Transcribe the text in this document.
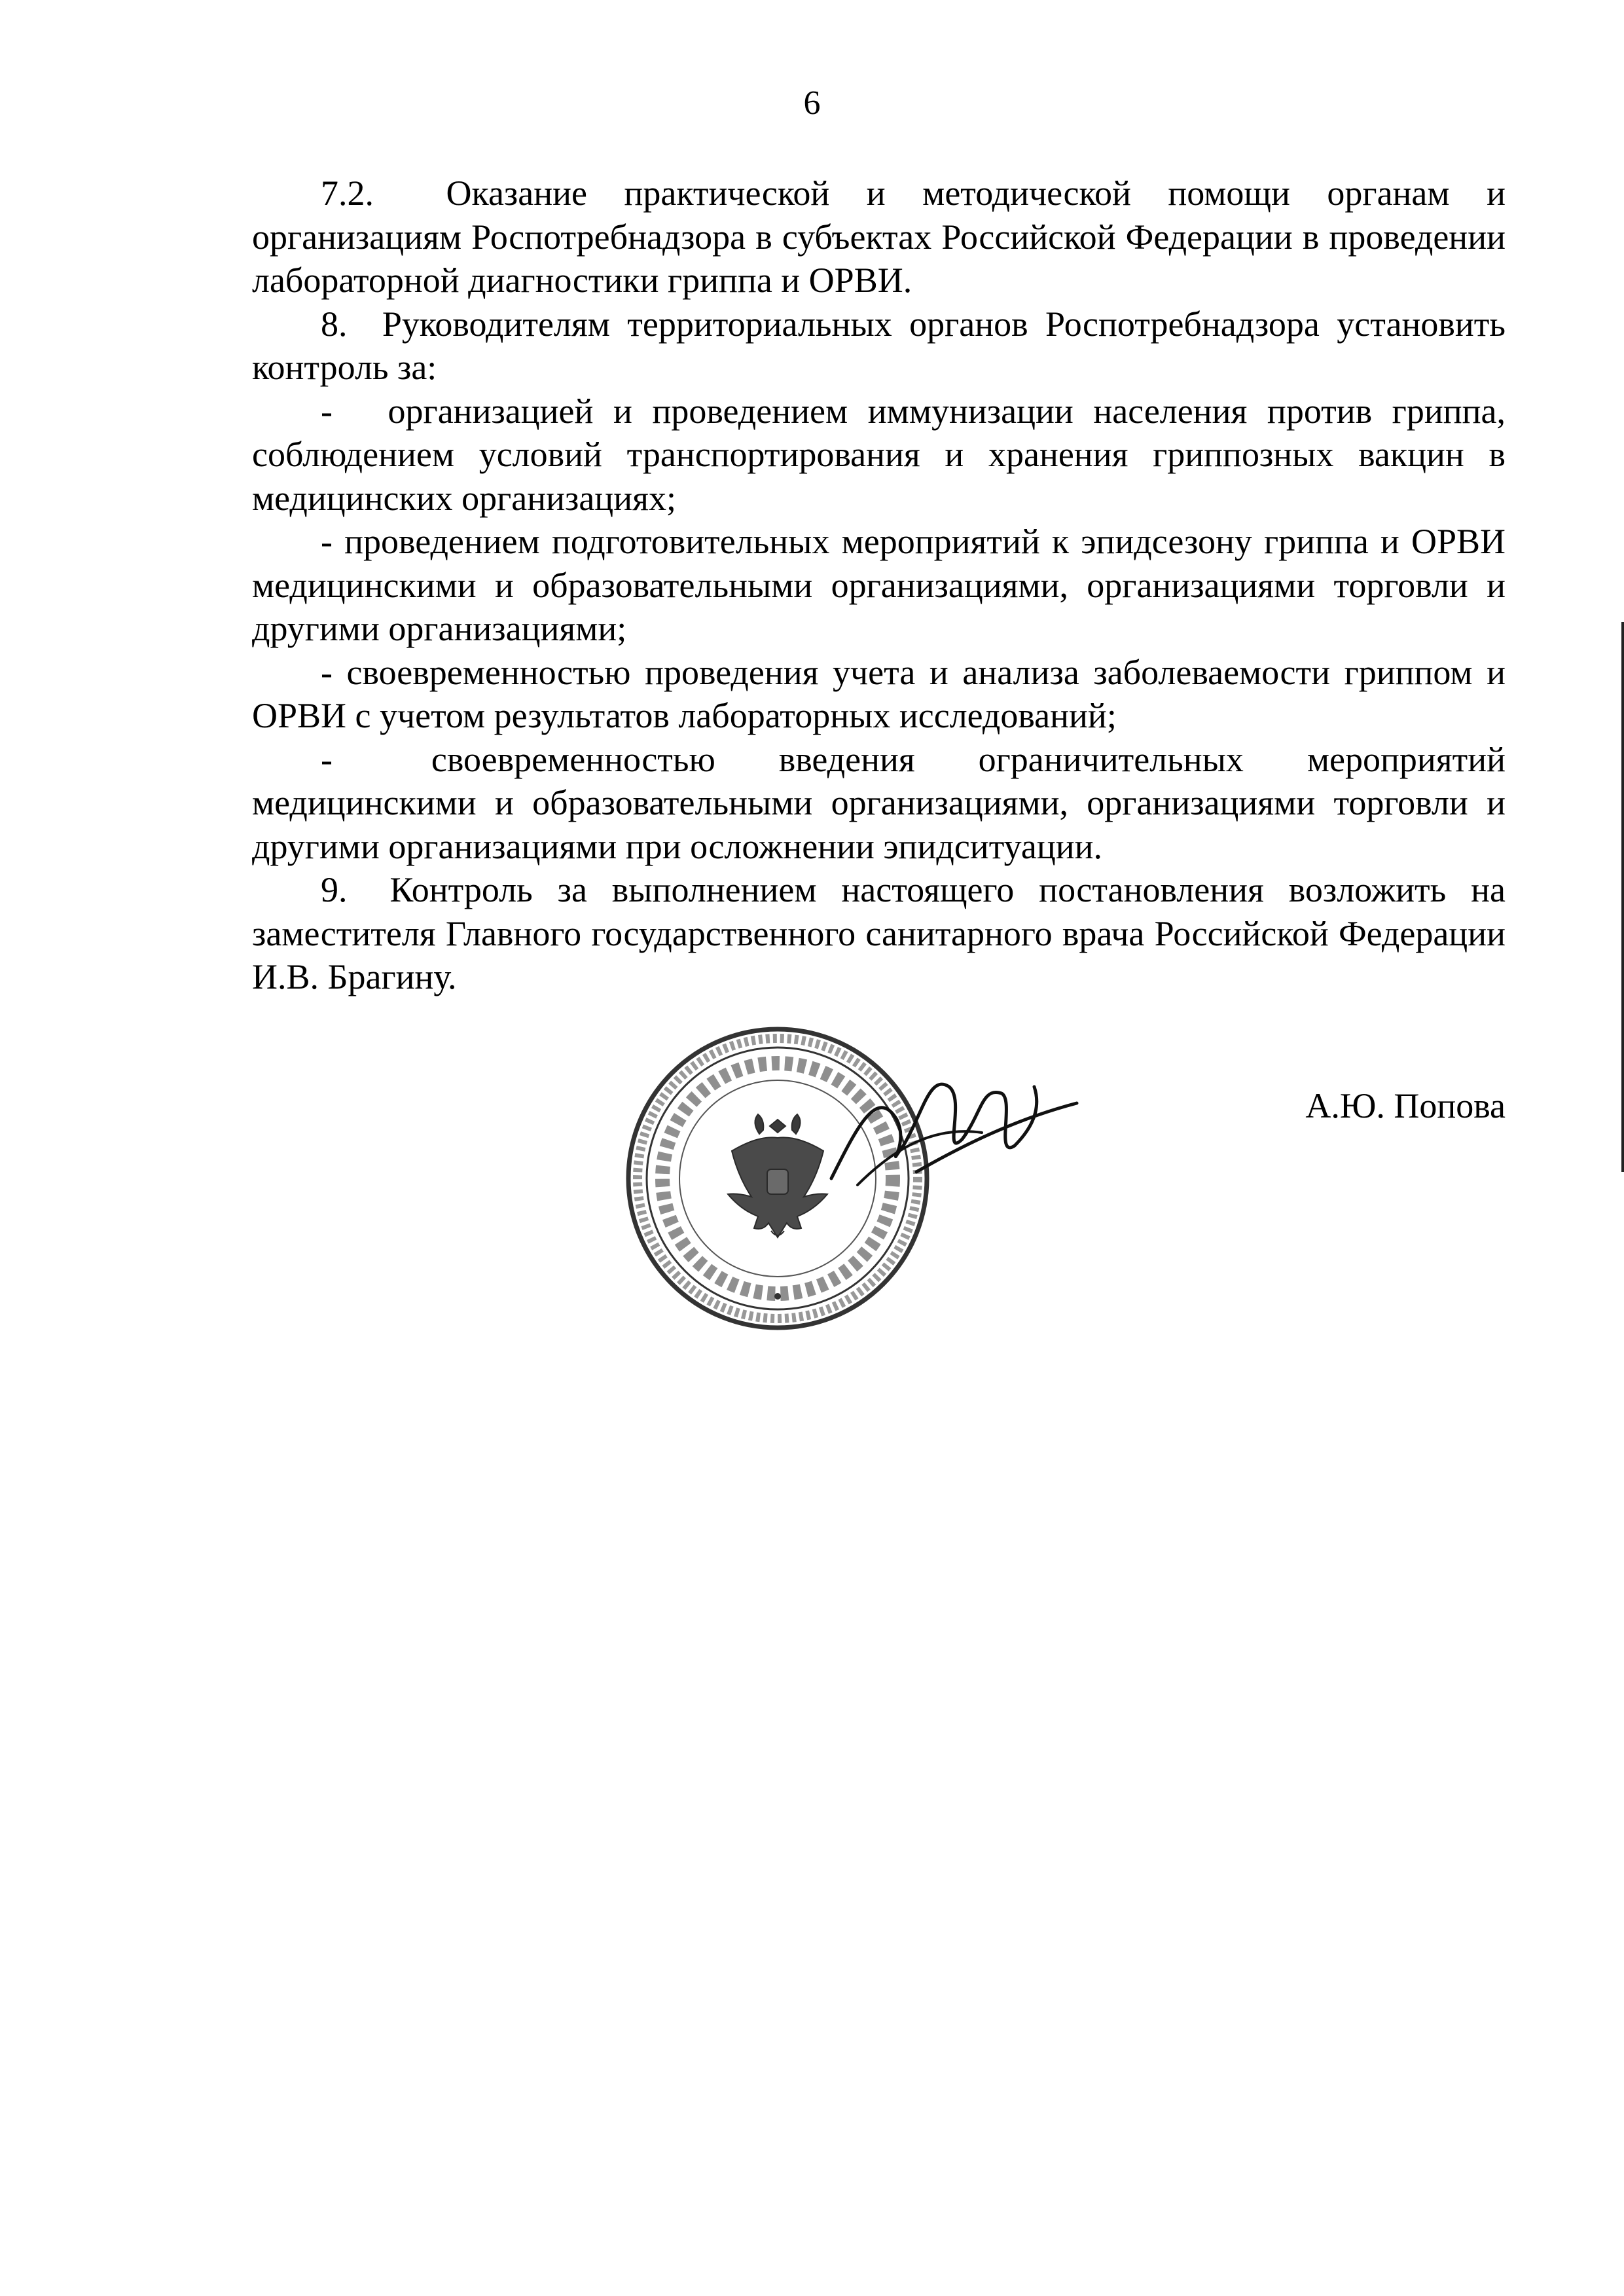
6

7.2.  Оказание практической и методической помощи органам и организациям Роспотребнадзора в субъектах Российской Федерации в проведении лабораторной диагностики гриппа и ОРВИ.

8.  Руководителям территориальных органов Роспотребнадзора установить контроль за:

-  организацией и проведением иммунизации населения против гриппа, соблюдением условий транспортирования и хранения гриппозных вакцин в медицинских организациях;

- проведением подготовительных мероприятий к эпидсезону гриппа и ОРВИ медицинскими и образовательными организациями, организациями торговли и другими организациями;

- своевременностью проведения учета и анализа заболеваемости гриппом и ОРВИ с учетом результатов лабораторных исследований;

-  своевременностью введения ограничительных мероприятий медицинскими и образовательными организациями, организациями торговли и другими организациями при осложнении эпидситуации.

9.  Контроль за выполнением настоящего постановления возложить на заместителя Главного государственного санитарного врача Российской Федерации И.В. Брагину.

А.Ю. Попова
